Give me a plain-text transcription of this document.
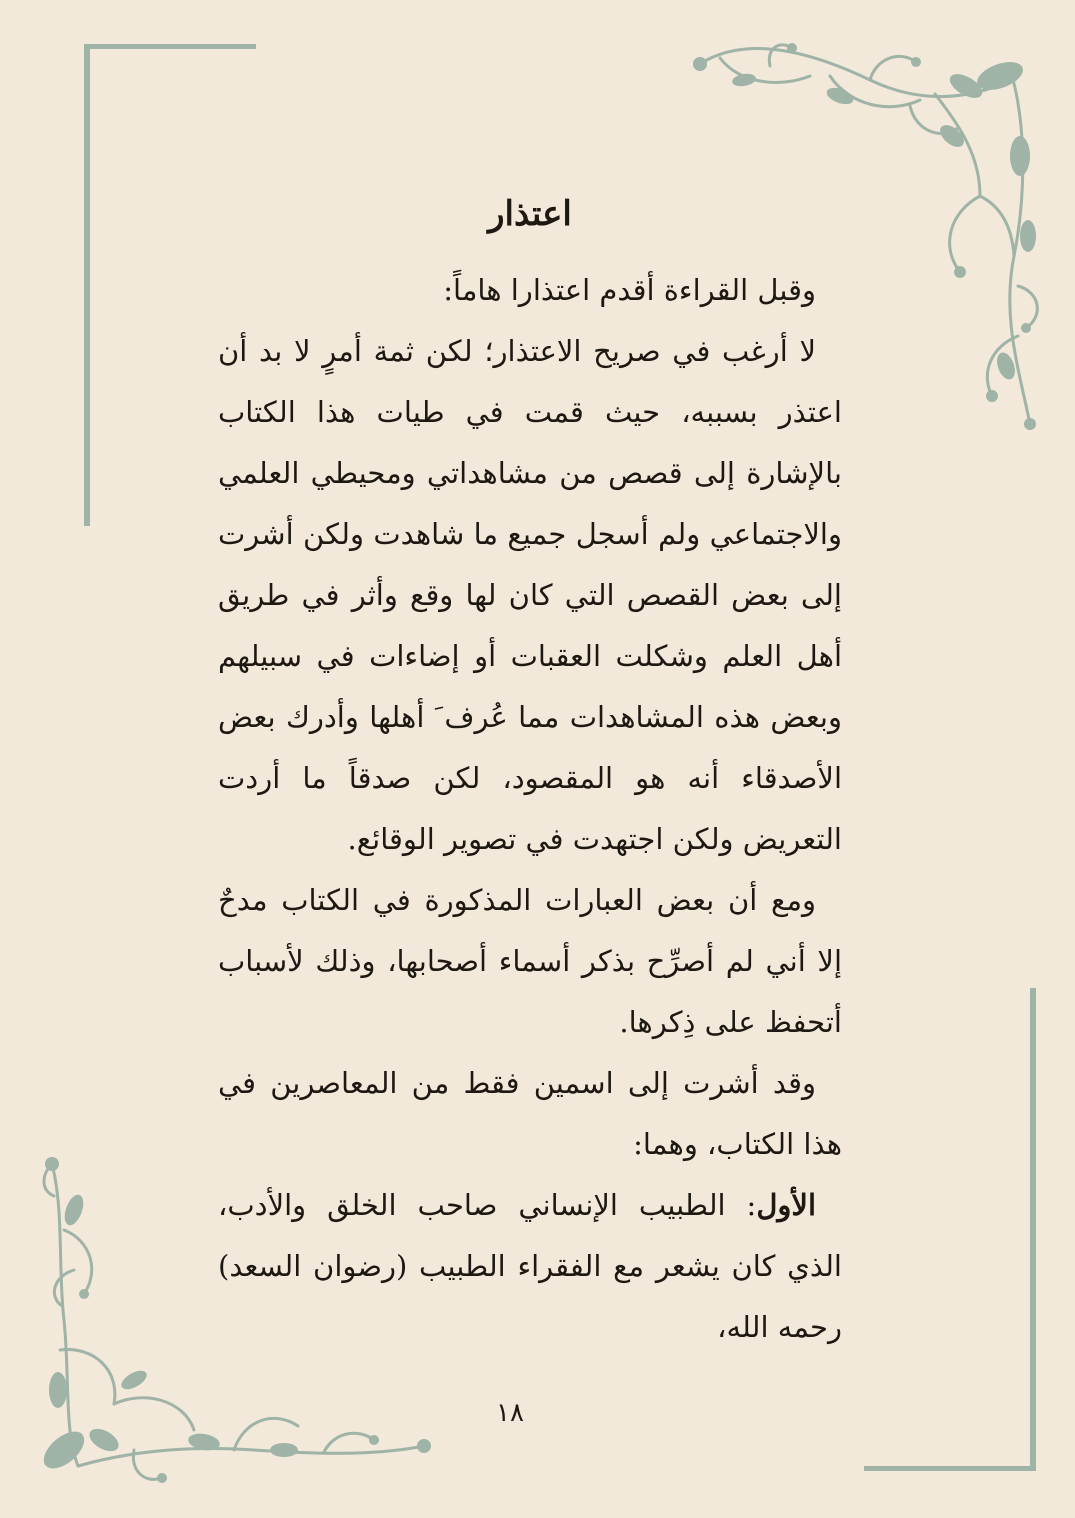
اعتذار

وقبل القراءة أقدم اعتذارا هاماً:

لا أرغب في صريح الاعتذار؛ لكن ثمة أمرٍ لا بد أن اعتذر بسببه، حيث قمت في طيات هذا الكتاب بالإشارة إلى قصص من مشاهداتي ومحيطي العلمي والاجتماعي ولم أسجل جميع ما شاهدت ولكن أشرت إلى بعض القصص التي كان لها وقع وأثر في طريق أهل العلم وشكلت العقبات أو إضاءات في سبيلهم وبعض هذه المشاهدات مما عُرف َ أهلها وأدرك بعض الأصدقاء أنه هو المقصود، لكن صدقاً ما أردت التعريض ولكن اجتهدت في تصوير الوقائع.

ومع أن بعض العبارات المذكورة في الكتاب مدحٌ إلا أني لم أصرِّح بذكر أسماء أصحابها، وذلك لأسباب أتحفظ على ذِكرها.

وقد أشرت إلى اسمين فقط من المعاصرين في هذا الكتاب، وهما:

الأول: الطبيب الإنساني صاحب الخلق والأدب، الذي كان يشعر مع الفقراء الطبيب (رضوان السعد) رحمه الله،

١٨
